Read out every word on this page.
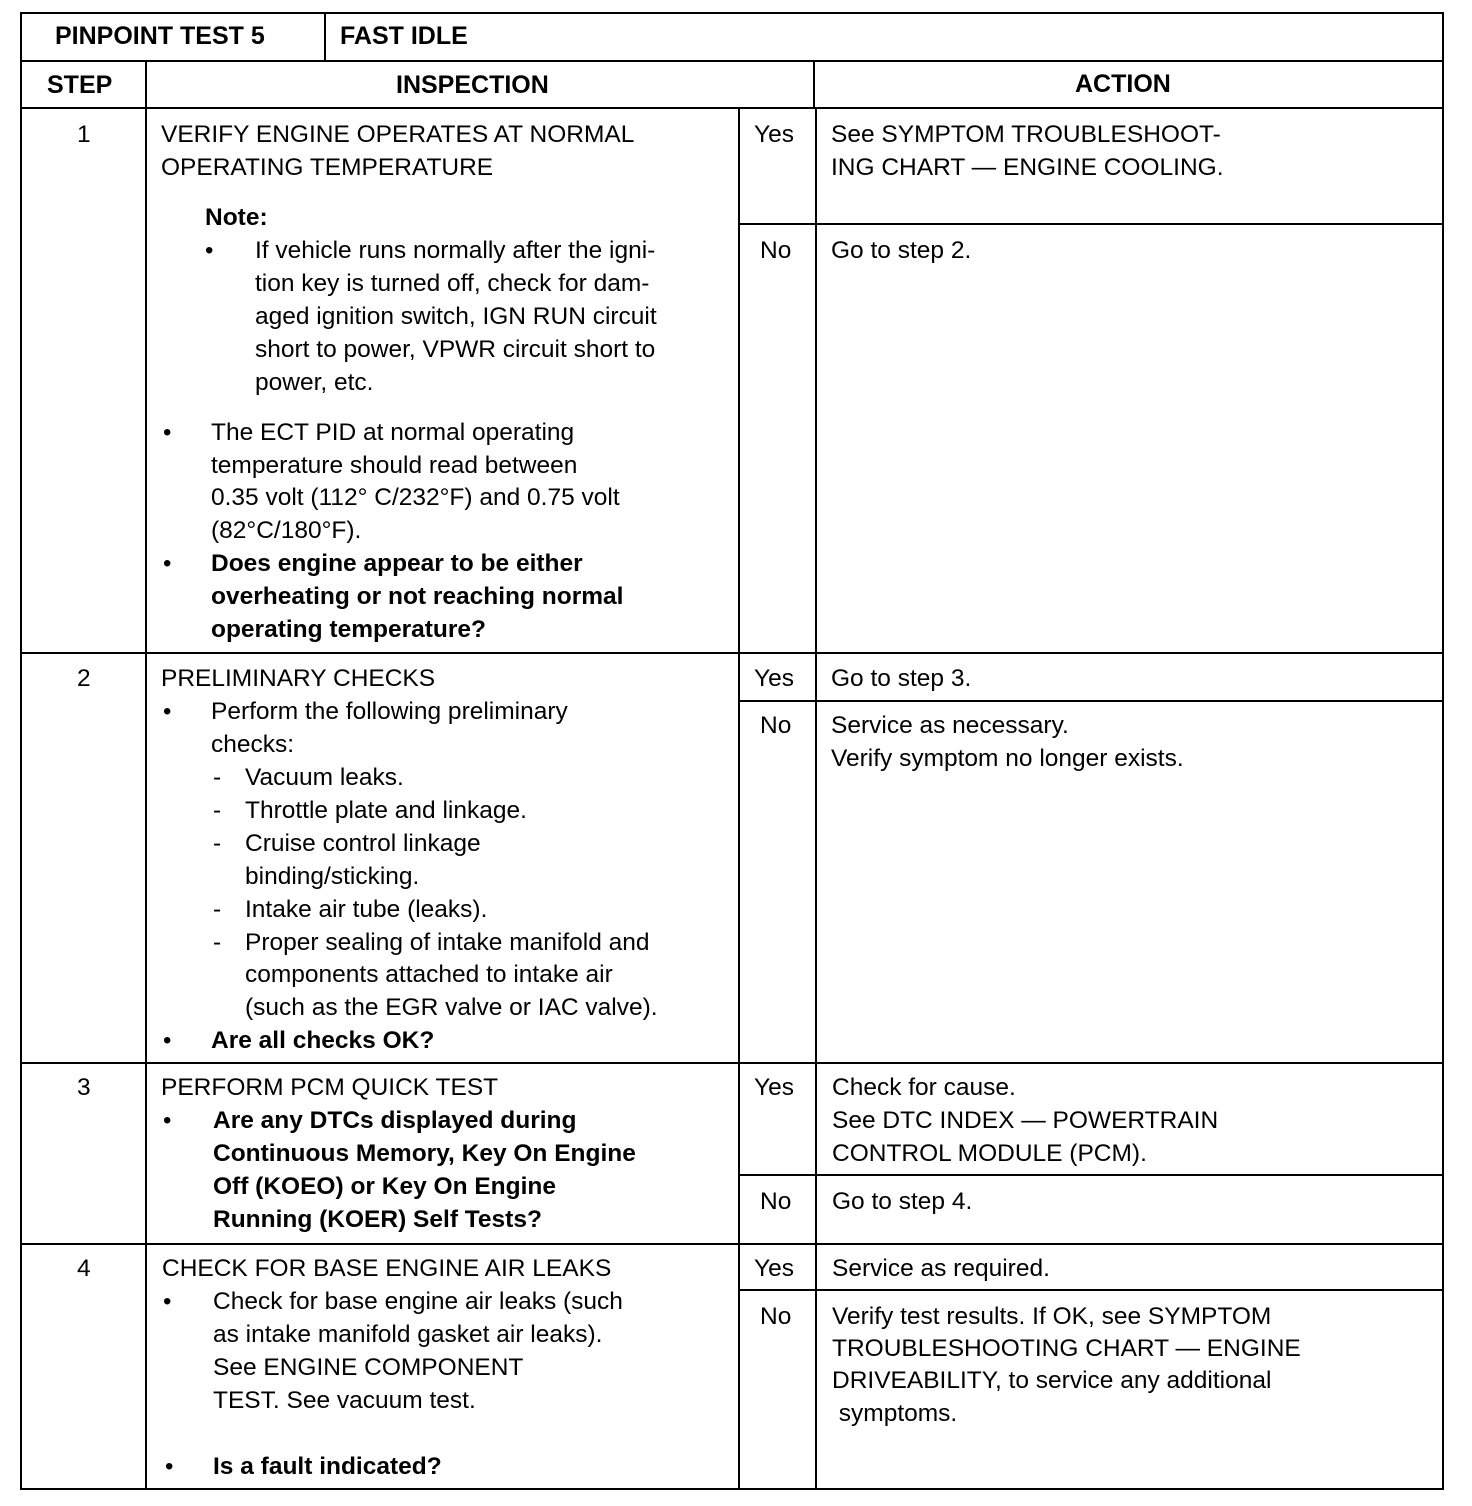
PINPOINT TEST 5	FAST IDLE
STEP	INSPECTION	ACTION
1	VERIFY ENGINE OPERATES AT NORMAL
OPERATING TEMPERATURE
Note:
• If vehicle runs normally after the igni-
tion key is turned off, check for dam-
aged ignition switch, IGN RUN circuit
short to power, VPWR circuit short to
power, etc.
• The ECT PID at normal operating
temperature should read between
0.35 volt (112° C/232°F) and 0.75 volt
(82°C/180°F).
• Does engine appear to be either
overheating or not reaching normal
operating temperature?
Yes See SYMPTOM TROUBLESHOOT-
ING CHART — ENGINE COOLING.
No Go to step 2.
2	PRELIMINARY CHECKS
• Perform the following preliminary
checks:
- Vacuum leaks.
- Throttle plate and linkage.
- Cruise control linkage
binding/sticking.
- Intake air tube (leaks).
- Proper sealing of intake manifold and
components attached to intake air
(such as the EGR valve or IAC valve).
• Are all checks OK?
Yes Go to step 3.
No Service as necessary.
Verify symptom no longer exists.
3	PERFORM PCM QUICK TEST
• Are any DTCs displayed during
Continuous Memory, Key On Engine
Off (KOEO) or Key On Engine
Running (KOER) Self Tests?
Yes Check for cause.
See DTC INDEX — POWERTRAIN
CONTROL MODULE (PCM).
No Go to step 4.
4	CHECK FOR BASE ENGINE AIR LEAKS
• Check for base engine air leaks (such
as intake manifold gasket air leaks).
See ENGINE COMPONENT
TEST. See vacuum test.
• Is a fault indicated?
Yes Service as required.
No Verify test results. If OK, see SYMPTOM
TROUBLESHOOTING CHART — ENGINE
DRIVEABILITY, to service any additional
symptoms.
